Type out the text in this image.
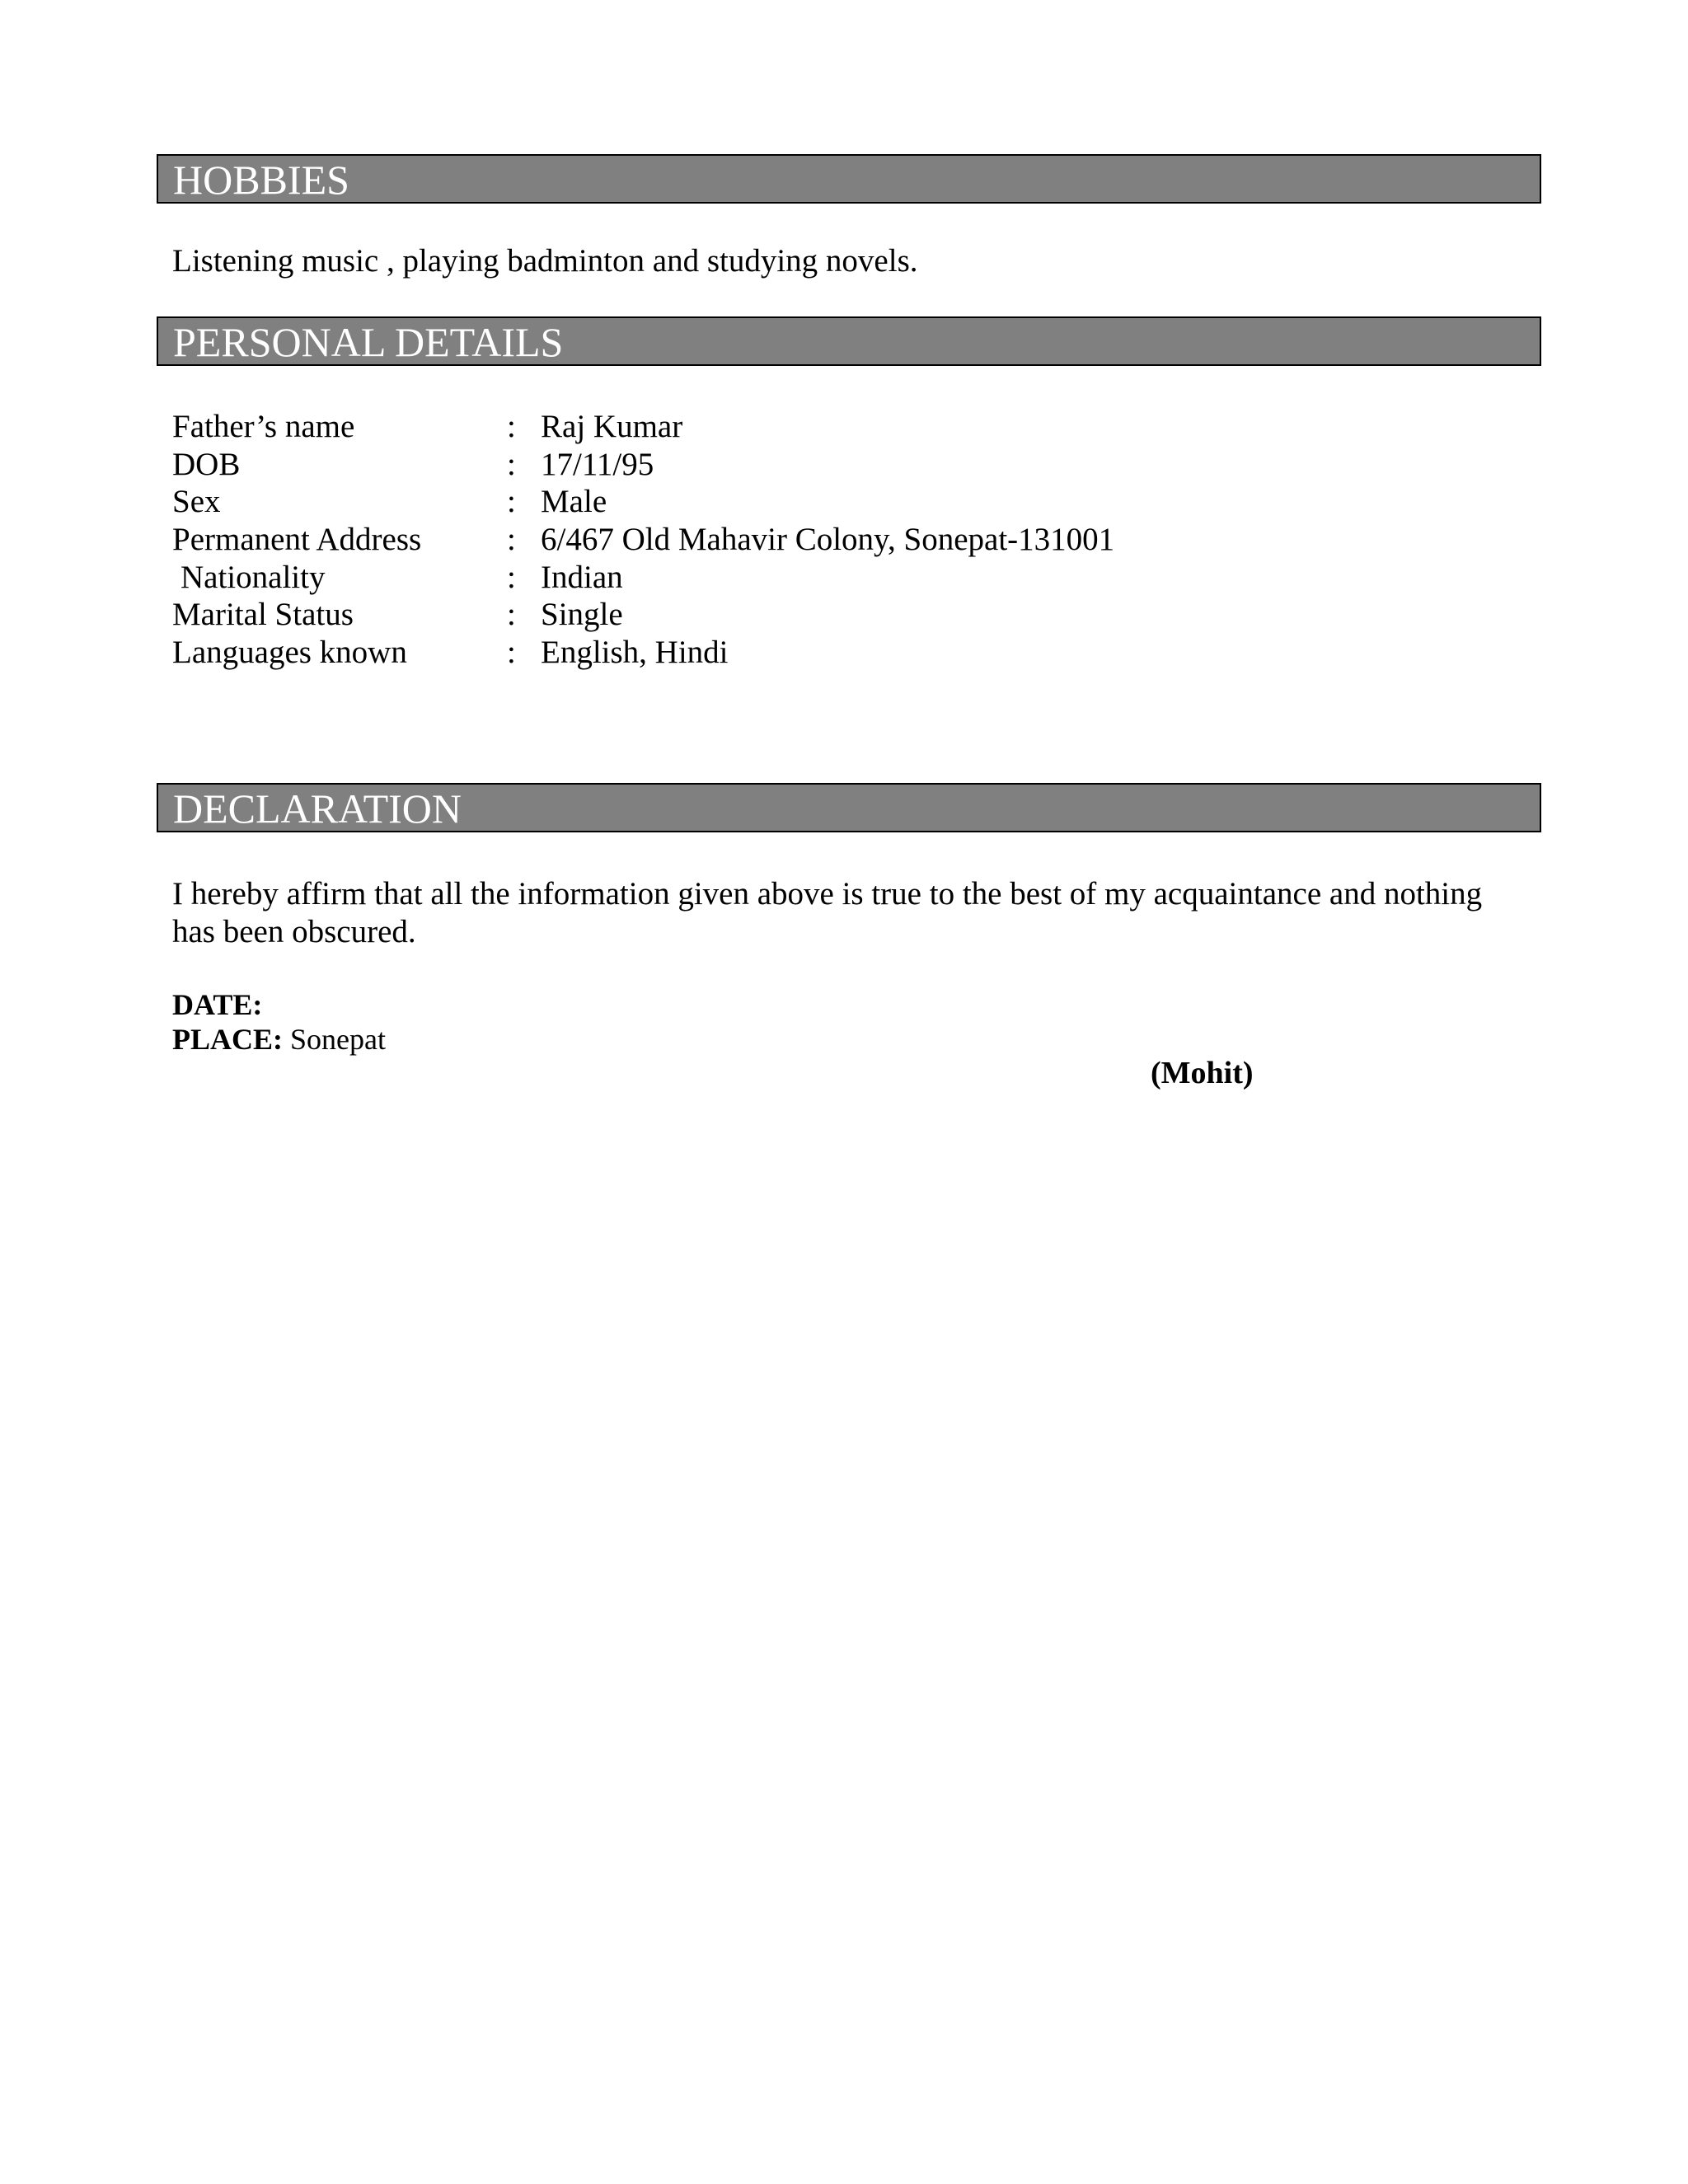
HOBBIES
Listening music , playing badminton and studying novels.
PERSONAL DETAILS
Father’s name	: Raj Kumar
DOB	: 17/11/95
Sex	: Male
Permanent Address	: 6/467 Old Mahavir Colony, Sonepat-131001
Nationality	: Indian
Marital Status	: Single
Languages known	: English, Hindi
DECLARATION
I hereby affirm that all the information given above is true to the best of my acquaintance and nothing
has been obscured.
DATE:
PLACE: Sonepat
(Mohit)
